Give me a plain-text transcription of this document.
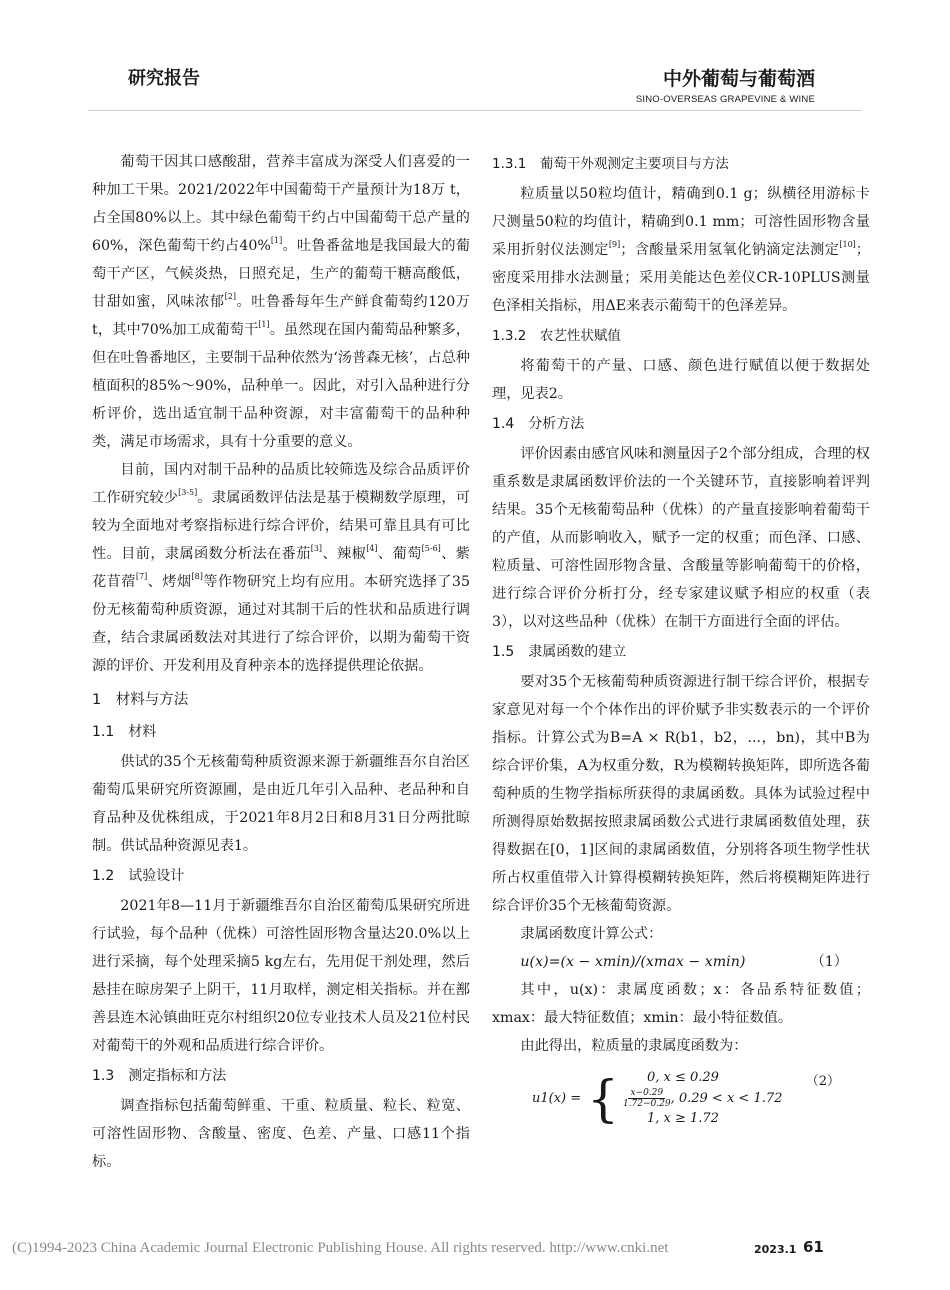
研究报告	中外葡萄与葡萄酒
SINO-OVERSEAS GRAPEVINE & WINE

葡萄干因其口感酸甜，营养丰富成为深受人们喜爱的一种加工干果。2021/2022年中国葡萄干产量预计为18万 t，占全国80%以上。其中绿色葡萄干约占中国葡萄干总产量的60%，深色葡萄干约占40%[1]。吐鲁番盆地是我国最大的葡萄干产区，气候炎热，日照充足，生产的葡萄干糖高酸低，甘甜如蜜，风味浓郁[2]。吐鲁番每年生产鲜食葡萄约120万 t，其中70%加工成葡萄干[1]。虽然现在国内葡萄品种繁多，但在吐鲁番地区，主要制干品种依然为‘汤普森无核’，占总种植面积的85%～90%，品种单一。因此，对引入品种进行分析评价，选出适宜制干品种资源，对丰富葡萄干的品种种类，满足市场需求，具有十分重要的意义。

目前，国内对制干品种的品质比较筛选及综合品质评价工作研究较少[3-5]。隶属函数评估法是基于模糊数学原理，可较为全面地对考察指标进行综合评价，结果可靠且具有可比性。目前，隶属函数分析法在番茄[3]、辣椒[4]、葡萄[5-6]、紫花苜蓿[7]、烤烟[8]等作物研究上均有应用。本研究选择了35份无核葡萄种质资源，通过对其制干后的性状和品质进行调查，结合隶属函数法对其进行了综合评价，以期为葡萄干资源的评价、开发利用及育种亲本的选择提供理论依据。

1　材料与方法
1.1　材料

供试的35个无核葡萄种质资源来源于新疆维吾尔自治区葡萄瓜果研究所资源圃，是由近几年引入品种、老品种和自育品种及优株组成，于2021年8月2日和8月31日分两批晾制。供试品种资源见表1。

1.2　试验设计

2021年8—11月于新疆维吾尔自治区葡萄瓜果研究所进行试验，每个品种（优株）可溶性固形物含量达20.0%以上进行采摘，每个处理采摘5 kg左右，先用促干剂处理，然后悬挂在晾房架子上阴干，11月取样，测定相关指标。并在鄯善县连木沁镇曲旺克尔村组织20位专业技术人员及21位村民对葡萄干的外观和品质进行综合评价。

1.3　测定指标和方法

调查指标包括葡萄鲜重、干重、粒质量、粒长、粒宽、可溶性固形物、含酸量、密度、色差、产量、口感11个指标。

1.3.1　葡萄干外观测定主要项目与方法

粒质量以50粒均值计，精确到0.1 g；纵横径用游标卡尺测量50粒的均值计，精确到0.1 mm；可溶性固形物含量采用折射仪法测定[9]；含酸量采用氢氧化钠滴定法测定[10]；密度采用排水法测量；采用美能达色差仪CR-10PLUS测量色泽相关指标，用ΔE来表示葡萄干的色泽差异。

1.3.2　农艺性状赋值

将葡萄干的产量、口感、颜色进行赋值以便于数据处理，见表2。

1.4　分析方法

评价因素由感官风味和测量因子2个部分组成，合理的权重系数是隶属函数评价法的一个关键环节，直接影响着评判结果。35个无核葡萄品种（优株）的产量直接影响着葡萄干的产值，从而影响收入，赋予一定的权重；而色泽、口感、粒质量、可溶性固形物含量、含酸量等影响葡萄干的价格，进行综合评价分析打分，经专家建议赋予相应的权重（表3），以对这些品种（优株）在制干方面进行全面的评估。

1.5　隶属函数的建立

要对35个无核葡萄种质资源进行制干综合评价，根据专家意见对每一个个体作出的评价赋予非实数表示的一个评价指标。计算公式为B=A × R(b1，b2，...，bn)，其中B为综合评价集，A为权重分数，R为模糊转换矩阵，即所选各葡萄种质的生物学指标所获得的隶属函数。具体为试验过程中所测得原始数据按照隶属函数公式进行隶属函数值处理，获得数据在[0，1]区间的隶属函数值，分别将各项生物学性状所占权重值带入计算得模糊转换矩阵，然后将模糊矩阵进行综合评价35个无核葡萄资源。

隶属函数度计算公式：

u(x)=(x − xmin)/(xmax − xmin)	（1）

其中，u(x)：隶属度函数；x：各品系特征数值；xmax：最大特征数值；xmin：最小特征数值。

由此得出，粒质量的隶属度函数为：

u1(x) = {	0, x ≤ 0.29
$\frac{x-0.29}{1.72-0.29}$ , 0.29 < x < 1.72
1, x ≥ 1.72
（2）
(C)1994-2023 China Academic Journal Electronic Publishing House. All rights reserved. http://www.cnki.net	2023.1 61
